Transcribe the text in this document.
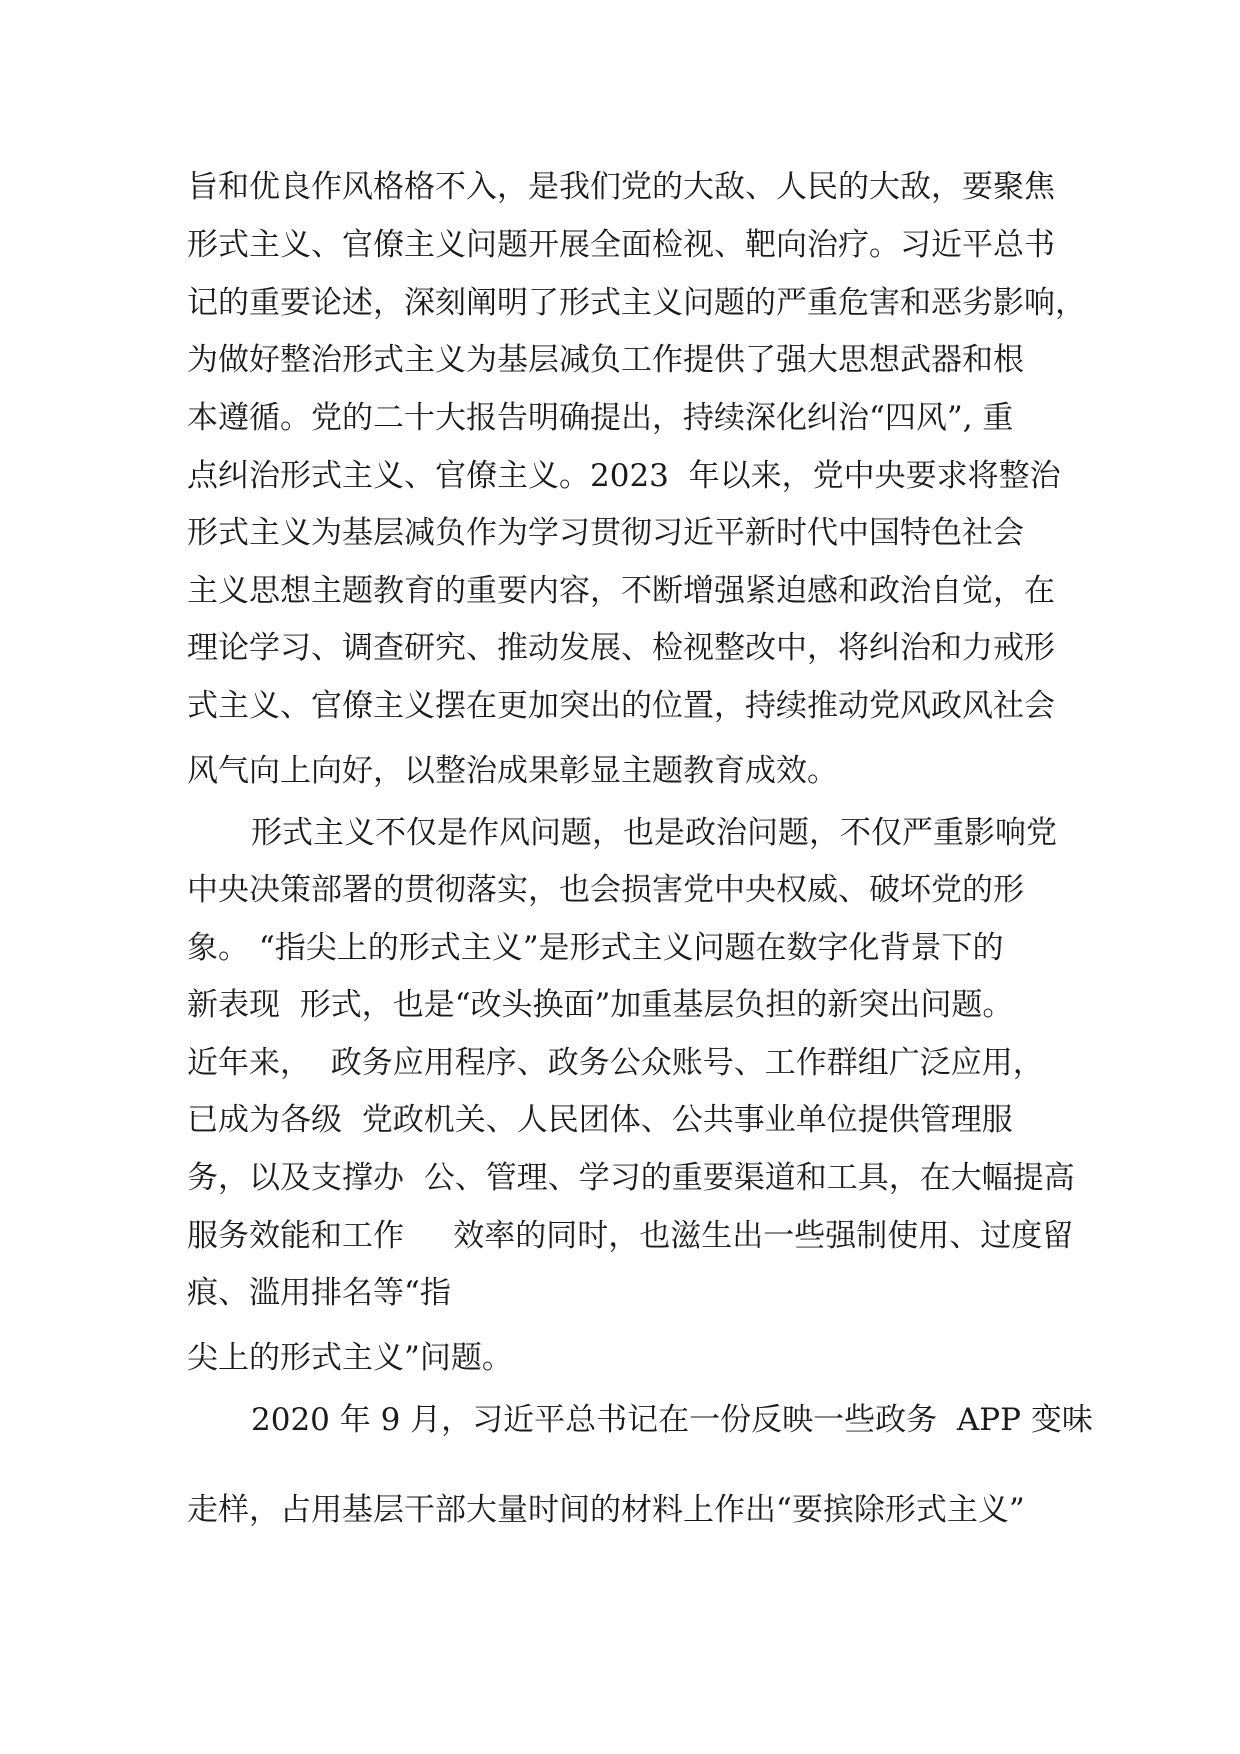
旨和优良作风格格不入，是我们党的大敌、人民的大敌，要聚焦

形式主义、官僚主义问题开展全面检视、靶向治疗。习近平总书

记的重要论述，深刻阐明了形式主义问题的严重危害和恶劣影响，

为做好整治形式主义为基层减负工作提供了强大思想武器和根

本遵循。党的二十大报告明确提出，持续深化纠治“四风”, 重

点纠治形式主义、官僚主义。2023  年以来，党中央要求将整治

形式主义为基层减负作为学习贯彻习近平新时代中国特色社会

主义思想主题教育的重要内容，不断增强紧迫感和政治自觉，在

理论学习、调查研究、推动发展、检视整改中，将纠治和力戒形

式主义、官僚主义摆在更加突出的位置，持续推动党风政风社会

风气向上向好，以整治成果彰显主题教育成效。

形式主义不仅是作风问题，也是政治问题，不仅严重影响党

中央决策部署的贯彻落实，也会损害党中央权威、破坏党的形

象。 “指尖上的形式主义”是形式主义问题在数字化背景下的

新表现  形式，也是“改头换面”加重基层负担的新突出问题。

近年来，  政务应用程序、政务公众账号、工作群组广泛应用，

已成为各级  党政机关、人民团体、公共事业单位提供管理服

务，以及支撑办  公、管理、学习的重要渠道和工具，在大幅提高

服务效能和工作     效率的同时，也滋生出一些强制使用、过度留

痕、滥用排名等“指

尖上的形式主义”问题。

2020 年 9 月，习近平总书记在一份反映一些政务  APP 变味

走样，占用基层干部大量时间的材料上作出“要摈除形式主义”
